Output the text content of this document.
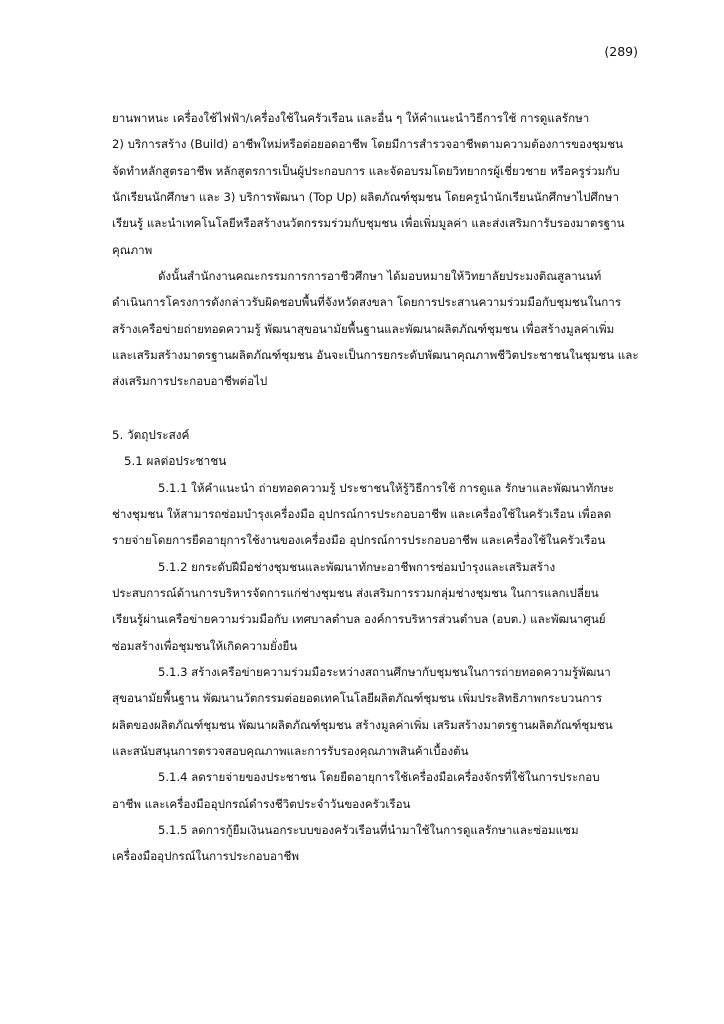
(289)
ยานพาหนะ เครื่องใช้ไฟฟ้า/เครื่องใช้ในครัวเรือน และอื่น ๆ ให้คำแนะนำวิธีการใช้ การดูแลรักษา
2) บริการสร้าง (Build) อาชีพใหม่หรือต่อยอดอาชีพ โดยมีการสำรวจอาชีพตามความต้องการของชุมชน
จัดทำหลักสูตรอาชีพ หลักสูตรการเป็นผู้ประกอบการ และจัดอบรมโดยวิทยากรผู้เชี่ยวชาย หรือครูร่วมกับ
นักเรียนนักศึกษา และ 3) บริการพัฒนา (Top Up) ผลิตภัณฑ์ชุมชน โดยครูนำนักเรียนนักศึกษาไปศึกษา
เรียนรู้ และนำเทคโนโลยีหรือสร้างนวัตกรรมร่วมกับชุมชน เพื่อเพิ่มมูลค่า และส่งเสริมการับรองมาตรฐาน
คุณภาพ
ดังนั้นสำนักงานคณะกรรมการการอาชีวศึกษา ได้มอบหมายให้วิทยาลัยประมงติณสูลานนท์
ดำเนินการโครงการดังกล่าวรับผิดชอบพื้นที่จังหวัดสงขลา โดยการประสานความร่วมมือกับชุมชนในการ
สร้างเครือข่ายถ่ายทอดความรู้ พัฒนาสุขอนามัยพื้นฐานและพัฒนาผลิตภัณฑ์ชุมชน เพื่อสร้างมูลค่าเพิ่ม
และเสริมสร้างมาตรฐานผลิตภัณฑ์ชุมชน อันจะเป็นการยกระดับพัฒนาคุณภาพชีวิตประชาชนในชุมชน และ
ส่งเสริมการประกอบอาชีพต่อไป
5. วัตถุประสงค์
5.1 ผลต่อประชาชน
5.1.1 ให้คำแนะนำ ถ่ายทอดความรู้ ประชาชนให้รู้วิธีการใช้ การดูแล รักษาและพัฒนาทักษะ
ช่างชุมชน ให้สามารถซ่อมบำรุงเครื่องมือ อุปกรณ์การประกอบอาชีพ และเครื่องใช้ในครัวเรือน เพื่อลด
รายจ่ายโดยการยืดอายุการใช้งานของเครื่องมือ อุปกรณ์การประกอบอาชีพ และเครื่องใช้ในครัวเรือน
5.1.2 ยกระดับฝีมือช่างชุมชนและพัฒนาทักษะอาชีพการซ่อมบำรุงและเสริมสร้าง
ประสบการณ์ด้านการบริหารจัดการแก่ช่างชุมชน ส่งเสริมการรวมกลุ่มช่างชุมชน ในการแลกเปลี่ยน
เรียนรู้ผ่านเครือข่ายความร่วมมือกับ เทศบาลตำบล องค์การบริหารส่วนตำบล (อบต.) และพัฒนาศูนย์
ซ่อมสร้างเพื่อชุมชนให้เกิดความยั่งยืน
5.1.3 สร้างเครือข่ายความร่วมมือระหว่างสถานศึกษากับชุมชนในการถ่ายทอดความรู้พัฒนา
สุขอนามัยพื้นฐาน พัฒนานวัตกรรมต่อยอดเทคโนโลยีผลิตภัณฑ์ชุมชน เพิ่มประสิทธิภาพกระบวนการ
ผลิตของผลิตภัณฑ์ชุมชน พัฒนาผลิตภัณฑ์ชุมชน สร้างมูลค่าเพิ่ม เสริมสร้างมาตรฐานผลิตภัณฑ์ชุมชน
และสนับสนุนการตรวจสอบคุณภาพและการรับรองคุณภาพสินค้าเบื้องต้น
5.1.4 ลดรายจ่ายของประชาชน โดยยืดอายุการใช้เครื่องมือเครื่องจักรที่ใช้ในการประกอบ
อาชีพ และเครื่องมืออุปกรณ์ดำรงชีวิตประจำวันของครัวเรือน
5.1.5 ลดการกู้ยืมเงินนอกระบบของครัวเรือนที่นำมาใช้ในการดูแลรักษาและซ่อมแซม
เครื่องมืออุปกรณ์ในการประกอบอาชีพ
